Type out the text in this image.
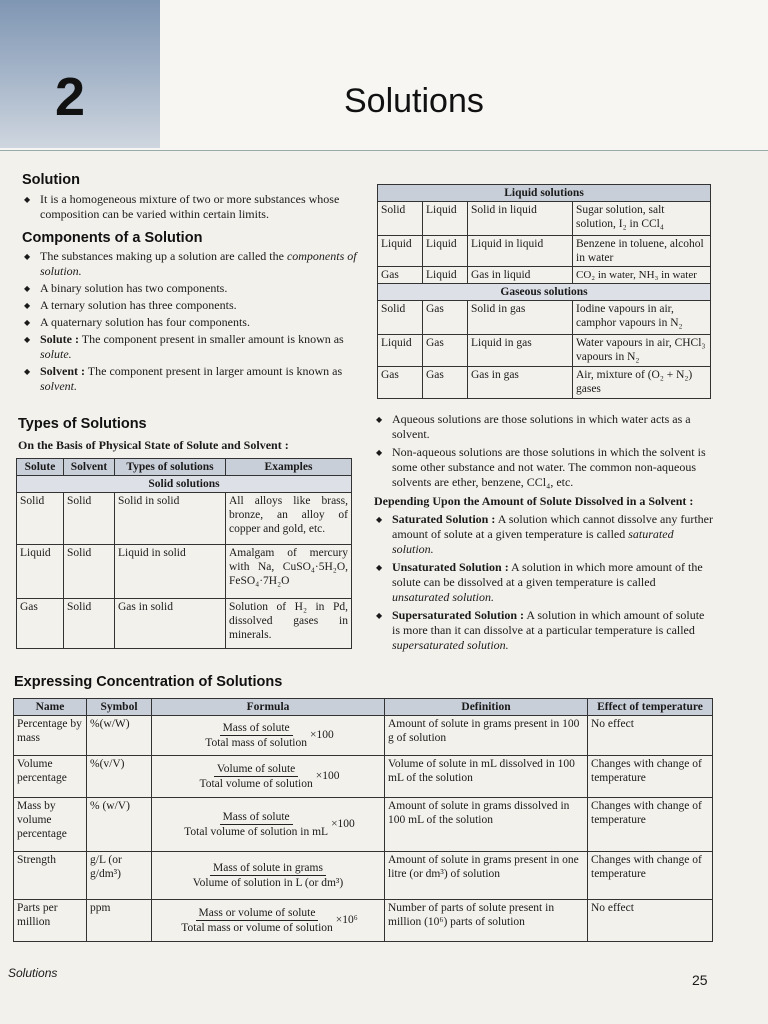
2	Solutions
Solution
◆ It is a homogeneous mixture of two or more substances whose composition can be varied within certain limits.
Components of a Solution
◆ The substances making up a solution are called the components of solution.
◆ A binary solution has two components.
◆ A ternary solution has three components.
◆ A quaternary solution has four components.
◆ Solute : The component present in smaller amount is known as solute.
◆ Solvent : The component present in larger amount is known as solvent.
Types of Solutions
On the Basis of Physical State of Solute and Solvent :
Solute	Solvent	Types of solutions	Examples
Solid solutions			
Solid	Solid	Solid in solid	All alloys like brass, bronze, an alloy of copper and gold, etc.
Liquid	Solid	Liquid in solid	Amalgam of mercury with Na, CuSO₄·5H₂O, FeSO₄·7H₂O
Gas	Solid	Gas in solid	Solution of H₂ in Pd, dissolved gases in minerals.
Liquid solutions			
Solid	Liquid	Solid in liquid	Sugar solution, salt solution, I₂ in CCl₄
Liquid	Liquid	Liquid in liquid	Benzene in toluene, alcohol in water
Gas	Liquid	Gas in liquid	CO₂ in water, NH₃ in water
Gaseous solutions			
Solid	Gas	Solid in gas	Iodine vapours in air, camphor vapours in N₂
Liquid	Gas	Liquid in gas	Water vapours in air, CHCl₃ vapours in N₂
Gas	Gas	Gas in gas	Air, mixture of (O₂ + N₂) gases
◆ Aqueous solutions are those solutions in which water acts as a solvent.
◆ Non-aqueous solutions are those solutions in which the solvent is some other substance and not water. The common non-aqueous solvents are ether, benzene, CCl₄, etc.
Depending Upon the Amount of Solute Dissolved in a Solvent :
◆ Saturated Solution : A solution which cannot dissolve any further amount of solute at a given temperature is called saturated solution.
◆ Unsaturated Solution : A solution in which more amount of the solute can be dissolved at a given temperature is called unsaturated solution.
◆ Supersaturated Solution : A solution in which amount of solute is more than it can dissolve at a particular temperature is called supersaturated solution.
Expressing Concentration of Solutions
Name	Symbol	Formula	Definition	Effect of temperature
Percentage by mass	%(w/W)	$\frac{\text{Mass of solute}}{\text{Total mass of solution}} \times 100$	Amount of solute in grams present in 100 g of solution	No effect
Volume percentage	%(v/V)	$\frac{\text{Volume of solute}}{\text{Total volume of solution}} \times 100$	Volume of solute in mL dissolved in 100 mL of the solution	Changes with change of temperature
Mass by volume percentage	% (w/V)	$\frac{\text{Mass of solute}}{\text{Total volume of solution in mL}} \times 100$	Amount of solute in grams dissolved in 100 mL of the solution	Changes with change of temperature
Strength	g/L (or g/dm³)	$\frac{\text{Mass of solute in grams}}{\text{Volume of solution in L (or dm³)}}$	Amount of solute in grams present in one litre (or dm³) of solution	Changes with change of temperature
Parts per million	ppm	$\frac{\text{Mass or volume of solute}}{\text{Total mass or volume of solution}} \times 10^6$	Number of parts of solute present in million (10⁶) parts of solution	No effect
Solutions	25
